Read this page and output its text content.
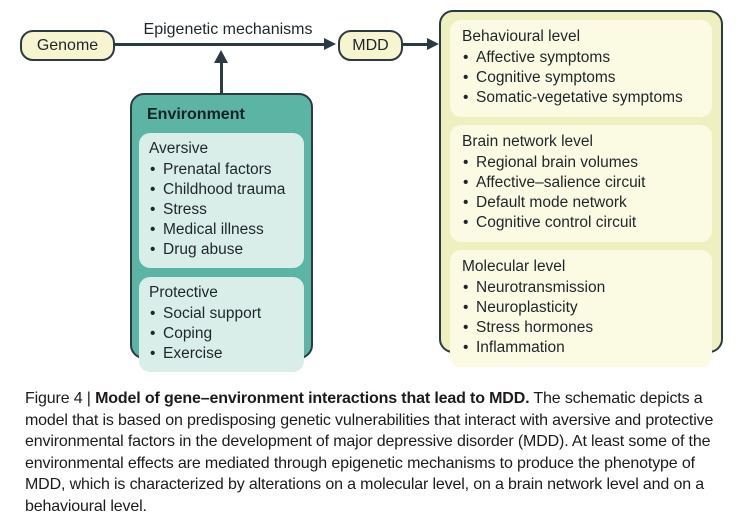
Genome	MDD
Epigenetic mechanisms
Environment
Aversive
• Prenatal factors
• Childhood trauma
• Stress
• Medical illness
• Drug abuse
Protective
• Social support
• Coping
• Exercise
Behavioural level
• Affective symptoms
• Cognitive symptoms
• Somatic-vegetative symptoms
Brain network level
• Regional brain volumes
• Affective–salience circuit
• Default mode network
• Cognitive control circuit
Molecular level
• Neurotransmission
• Neuroplasticity
• Stress hormones
• Inflammation

Figure 4 | Model of gene–environment interactions that lead to MDD. The schematic depicts a model that is based on predisposing genetic vulnerabilities that interact with aversive and protective environmental factors in the development of major depressive disorder (MDD). At least some of the environmental effects are mediated through epigenetic mechanisms to produce the phenotype of MDD, which is characterized by alterations on a molecular level, on a brain network level and on a behavioural level.
